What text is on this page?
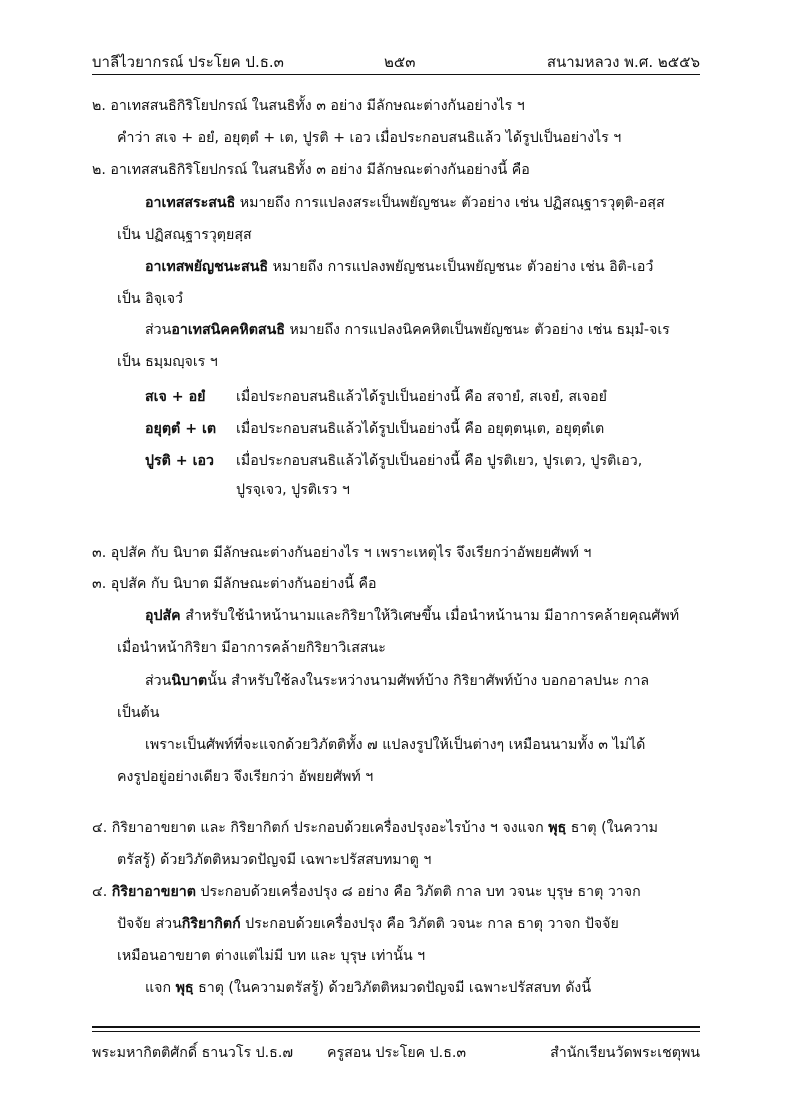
บาลีไวยากรณ์ ประโยค ป.ธ.๓	๒๕๓	สนามหลวง พ.ศ. ๒๕๕๖
๒. อาเทสสนธิกิริโยปกรณ์ ในสนธิทั้ง ๓ อย่าง มีลักษณะต่างกันอย่างไร ฯ
คำว่า สเจ + อยํ, อยุตฺตํ + เต, ปูรติ + เอว เมื่อประกอบสนธิแล้ว ได้รูปเป็นอย่างไร ฯ
๒. อาเทสสนธิกิริโยปกรณ์ ในสนธิทั้ง ๓ อย่าง มีลักษณะต่างกันอย่างนี้ คือ
อาเทสสระสนธิ หมายถึง การแปลงสระเป็นพยัญชนะ ตัวอย่าง เช่น ปฏิสณฺฐารวุตฺติ-อสฺส
เป็น ปฏิสณฺฐารวุตฺยสฺส
อาเทสพยัญชนะสนธิ หมายถึง การแปลงพยัญชนะเป็นพยัญชนะ ตัวอย่าง เช่น อิติ-เอวํ
เป็น อิจฺเจวํ
ส่วนอาเทสนิคคหิตสนธิ หมายถึง การแปลงนิคคหิตเป็นพยัญชนะ ตัวอย่าง เช่น ธมฺมํ-จเร
เป็น ธมฺมญฺจเร ฯ
สเจ + อยํ เมื่อประกอบสนธิแล้วได้รูปเป็นอย่างนี้ คือ สจายํ, สเจยํ, สเจอยํ
อยุตฺตํ + เต เมื่อประกอบสนธิแล้วได้รูปเป็นอย่างนี้ คือ อยุตฺตนฺเต, อยุตฺตํเต
ปูรติ + เอว เมื่อประกอบสนธิแล้วได้รูปเป็นอย่างนี้ คือ ปูรติเยว, ปูรเตว, ปูรติเอว,
ปูรจฺเจว, ปูรติเรว ฯ
๓. อุปสัค กับ นิบาต มีลักษณะต่างกันอย่างไร ฯ เพราะเหตุไร จึงเรียกว่าอัพยยศัพท์ ฯ
๓. อุปสัค กับ นิบาต มีลักษณะต่างกันอย่างนี้ คือ
อุปสัค สำหรับใช้นำหน้านามและกิริยาให้วิเศษขึ้น เมื่อนำหน้านาม มีอาการคล้ายคุณศัพท์
เมื่อนำหน้ากิริยา มีอาการคล้ายกิริยาวิเสสนะ
ส่วนนิบาตนั้น สำหรับใช้ลงในระหว่างนามศัพท์บ้าง กิริยาศัพท์บ้าง บอกอาลปนะ กาล
เป็นต้น
เพราะเป็นศัพท์ที่จะแจกด้วยวิภัตติทั้ง ๗ แปลงรูปให้เป็นต่างๆ เหมือนนามทั้ง ๓ ไม่ได้
คงรูปอยู่อย่างเดียว จึงเรียกว่า อัพยยศัพท์ ฯ
๔. กิริยาอาขยาต และ กิริยากิตก์ ประกอบด้วยเครื่องปรุงอะไรบ้าง ฯ จงแจก พุธฺ ธาตุ (ในความ
ตรัสรู้) ด้วยวิภัตติหมวดปัญจมี เฉพาะปรัสสบทมาตู ฯ
๔. กิริยาอาขยาต ประกอบด้วยเครื่องปรุง ๘ อย่าง คือ วิภัตติ กาล บท วจนะ บุรุษ ธาตุ วาจก
ปัจจัย ส่วนกิริยากิตก์ ประกอบด้วยเครื่องปรุง คือ วิภัตติ วจนะ กาล ธาตุ วาจก ปัจจัย
เหมือนอาขยาต ต่างแต่ไม่มี บท และ บุรุษ เท่านั้น ฯ
แจก พุธฺ ธาตุ (ในความตรัสรู้) ด้วยวิภัตติหมวดปัญจมี เฉพาะปรัสสบท ดังนี้
พระมหากิตติศักดิ์ ธานวโร ป.ธ.๗ ครูสอน ประโยค ป.ธ.๓	สำนักเรียนวัดพระเชตุพน
